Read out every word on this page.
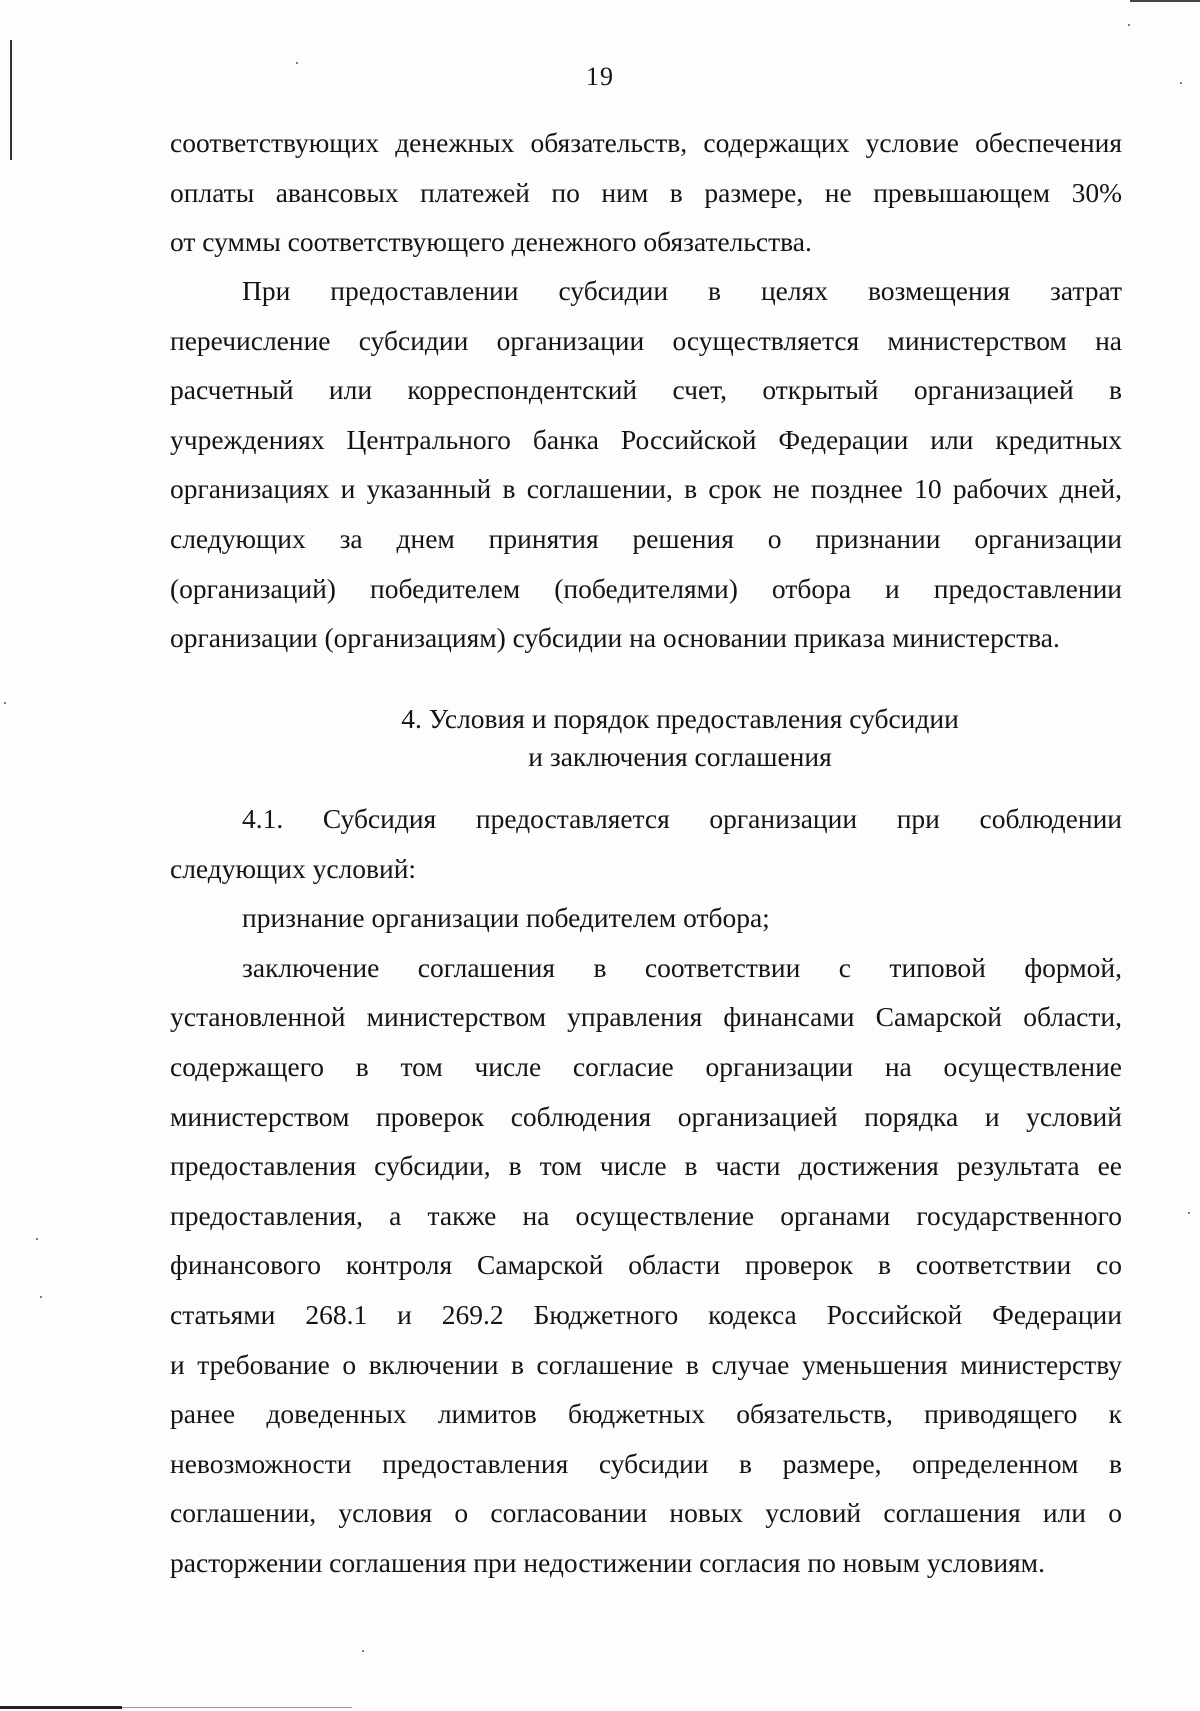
19
соответствующих денежных обязательств, содержащих условие обеспечения
оплаты авансовых платежей по ним в размере, не превышающем 30%
от суммы соответствующего денежного обязательства.
При предоставлении субсидии в целях возмещения затрат
перечисление субсидии организации осуществляется министерством на
расчетный или корреспондентский счет, открытый организацией в
учреждениях Центрального банка Российской Федерации или кредитных
организациях и указанный в соглашении, в срок не позднее 10 рабочих дней,
следующих за днем принятия решения о признании организации
(организаций) победителем (победителями) отбора и предоставлении
организации (организациям) субсидии на основании приказа министерства.
4. Условия и порядок предоставления субсидии
и заключения соглашения
4.1. Субсидия предоставляется организации при соблюдении
следующих условий:
признание организации победителем отбора;
заключение соглашения в соответствии с типовой формой,
установленной министерством управления финансами Самарской области,
содержащего в том числе согласие организации на осуществление
министерством проверок соблюдения организацией порядка и условий
предоставления субсидии, в том числе в части достижения результата ее
предоставления, а также на осуществление органами государственного
финансового контроля Самарской области проверок в соответствии со
статьями 268.1 и 269.2 Бюджетного кодекса Российской Федерации
и требование о включении в соглашение в случае уменьшения министерству
ранее доведенных лимитов бюджетных обязательств, приводящего к
невозможности предоставления субсидии в размере, определенном в
соглашении, условия о согласовании новых условий соглашения или о
расторжении соглашения при недостижении согласия по новым условиям.
